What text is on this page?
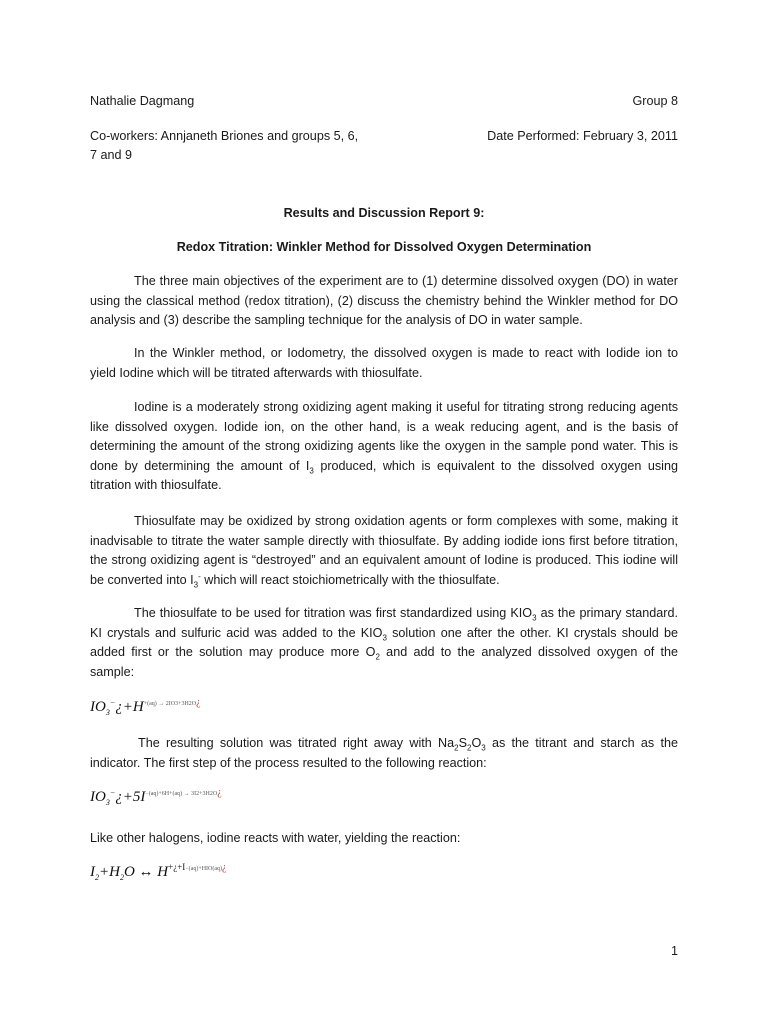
Nathalie Dagmang	Group 8
Co-workers: Annjaneth Briones and groups 5, 6,	Date Performed: February 3, 2011
7 and 9
Results and Discussion Report 9:
Redox Titration: Winkler Method for Dissolved Oxygen Determination
The three main objectives of the experiment are to (1) determine dissolved oxygen (DO) in water using the classical method (redox titration), (2) discuss the chemistry behind the Winkler method for DO analysis and (3) describe the sampling technique for the analysis of DO in water sample.
In the Winkler method, or Iodometry, the dissolved oxygen is made to react with Iodide ion to yield Iodine which will be titrated afterwards with thiosulfate.
Iodine is a moderately strong oxidizing agent making it useful for titrating strong reducing agents like dissolved oxygen. Iodide ion, on the other hand, is a weak reducing agent, and is the basis of determining the amount of the strong oxidizing agents like the oxygen in the sample pond water. This is done by determining the amount of $I_3$ produced, which is equivalent to the dissolved oxygen using titration with thiosulfate.
Thiosulfate may be oxidized by strong oxidation agents or form complexes with some, making it inadvisable to titrate the water sample directly with thiosulfate. By adding iodide ions first before titration, the strong oxidizing agent is “destroyed” and an equivalent amount of Iodine is produced. This iodine will be converted into $I_3^-$ which will react stoichiometrically with the thiosulfate.
The thiosulfate to be used for titration was first standardized using $KIO_3$ as the primary standard. KI crystals and sulfuric acid was added to the $KIO_3$ solution one after the other. KI crystals should be added first or the solution may produce more $O_2$ and add to the analyzed dissolved oxygen of the sample:
$IO_3^-¿+H^{+(aq) \to 2IO3+3H2O¿}$
The resulting solution was titrated right away with $Na_2S_2O_3$ as the titrant and starch as the indicator. The first step of the process resulted to the following reaction:
$IO_3^-¿+5I^{-(aq)+6H+(aq) \to 3I2+3H2O¿}$
Like other halogens, iodine reacts with water, yielding the reaction:
$I_2+H_2O$ ↔ $H^{+¿+I-(aq)+HIO(aq)¿}$
1
